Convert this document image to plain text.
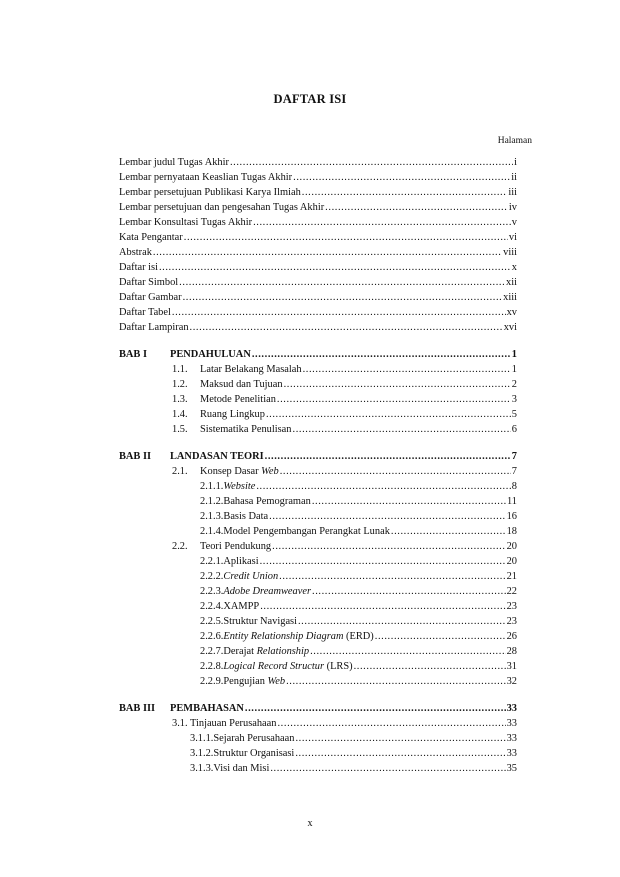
DAFTAR ISI
Halaman
Lembar judul Tugas Akhir .....	i
Lembar pernyataan Keaslian Tugas Akhir .....	ii
Lembar persetujuan Publikasi Karya Ilmiah .....	iii
Lembar persetujuan dan pengesahan Tugas Akhir .....	iv
Lembar Konsultasi Tugas Akhir .....	v
Kata Pengantar .....	vi
Abstrak .....	viii
Daftar isi .....	x
Daftar Simbol .....	xii
Daftar Gambar .....	xiii
Daftar Tabel .....	xv
Daftar Lampiran .....	xvi
BAB I	PENDAHULUAN .....	1
1.1.	Latar Belakang Masalah .....	1
1.2.	Maksud dan Tujuan .....	2
1.3.	Metode Penelitian .....	3
1.4.	Ruang Lingkup .....	5
1.5.	Sistematika Penulisan .....	6
BAB II	LANDASAN TEORI .....	7
2.1.	Konsep Dasar Web .....	7
2.1.1. Website .....	8
2.1.2. Bahasa Pemograman .....	11
2.1.3. Basis Data .....	16
2.1.4. Model Pengembangan Perangkat Lunak .....	18
2.2.	Teori Pendukung .....	20
2.2.1. Aplikasi .....	20
2.2.2. Credit Union .....	21
2.2.3. Adobe Dreamweaver .....	22
2.2.4. XAMPP .....	23
2.2.5. Struktur Navigasi .....	23
2.2.6. Entity Relationship Diagram (ERD) .....	26
2.2.7. Derajat Relationship .....	28
2.2.8. Logical Record Structur (LRS) .....	31
2.2.9. Pengujian Web .....	32
BAB III	PEMBAHASAN .....	33
3.1. Tinjauan Perusahaan .....	33
3.1.1. Sejarah Perusahaan .....	33
3.1.2. Struktur Organisasi .....	33
3.1.3. Visi dan Misi .....	35
x
